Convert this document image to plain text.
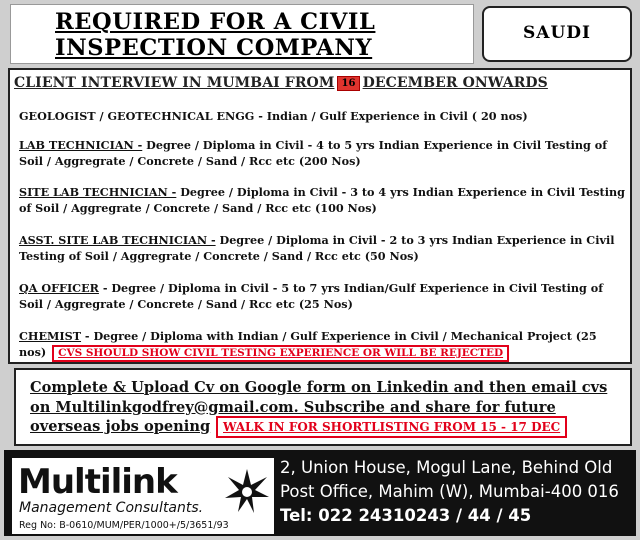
REQUIRED FOR A CIVIL
INSPECTION COMPANY
SAUDI
CLIENT INTERVIEW IN MUMBAI FROM 16 DECEMBER ONWARDS
GEOLOGIST / GEOTECHNICAL ENGG - Indian / Gulf Experience in Civil ( 20 nos)
LAB TECHNICIAN - Degree / Diploma in Civil - 4 to 5 yrs Indian Experience in Civil Testing of Soil / Aggregrate / Concrete / Sand / Rcc etc (200 Nos)
SITE LAB TECHNICIAN - Degree / Diploma in Civil - 3 to 4 yrs Indian Experience in Civil Testing of Soil / Aggregrate / Concrete / Sand / Rcc etc (100 Nos)
ASST. SITE LAB TECHNICIAN - Degree / Diploma in Civil - 2 to 3 yrs Indian Experience in Civil Testing of Soil / Aggregrate / Concrete / Sand / Rcc etc (50 Nos)
QA OFFICER - Degree / Diploma in Civil - 5 to 7 yrs Indian/Gulf Experience in Civil Testing of Soil / Aggregrate / Concrete / Sand / Rcc etc (25 Nos)
CHEMIST - Degree / Diploma with Indian / Gulf Experience in Civil / Mechanical Project (25 nos) CVS SHOULD SHOW CIVIL TESTING EXPERIENCE OR WILL BE REJECTED
Complete & Upload Cv on Google form on Linkedin and then email cvs on Multilinkgodfrey@gmail.com. Subscribe and share for future overseas jobs opening	WALK IN FOR SHORTLISTING FROM 15 - 17 DEC
Multilink
Management Consultants.
Reg No: B-0610/MUM/PER/1000+/5/3651/93
2, Union House, Mogul Lane, Behind Old
Post Office, Mahim (W), Mumbai-400 016
Tel: 022 24310243 / 44 / 45
